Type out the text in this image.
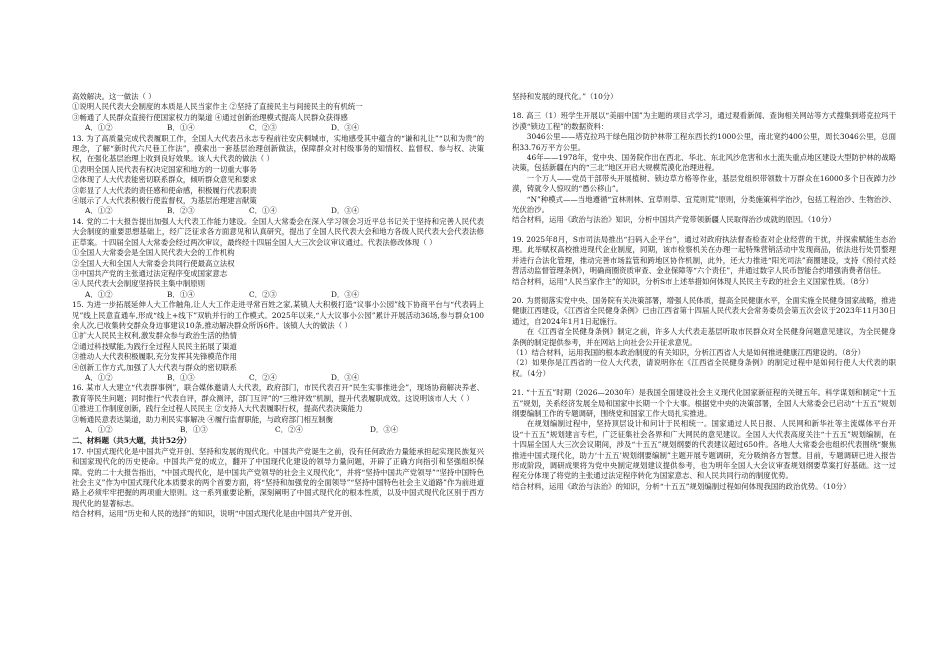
高效解决。这一做法（ ）

①说明人民代表大会制度的本质是人民当家作主 ②坚持了直接民主与间接民主的有机统一

③畅通了人民群众直接行使国家权力的渠道 ④通过创新治理模式提高人民群众获得感

A．①②	B．①④	C．②③	D．③④

13. 为了高质量完成代表履职工作，全国人大代表吕永志专程前往安庆桐城市，实地感受其中蕴含的“谦和礼让”“以和为贵”的理念，了解“新时代六尺巷工作法”，摸索出一套基层治理创新做法，保障群众对村级事务的知情权、监督权、参与权、决策权，在强化基层治理上收到良好效果。该人大代表的做法（ ）

①表明全国人民代表有权决定国家和地方的一切重大事务

②体现了人大代表能密切联系群众，倾听群众意见和要求

③彰显了人大代表的责任感和使命感，积极履行代表职责

④展示了人大代表积极行使监督权，为基层治理建言献策

A．①②	B．②③	C．①④	D．③④

14. 党的二十大报告提出加强人大代表工作能力建设。全国人大常委会在深入学习领会习近平总书记关于坚持和完善人民代表大会制度的重要思想基础上，经广泛征求各方面意见和认真研究，提出了全国人民代表大会和地方各级人民代表大会代表法修正草案。十四届全国人大常委会经过两次审议，最终经十四届全国人大三次会议审议通过。代表法修改体现（ ）

①全国人大常委会是全国人民代表大会的工作机构

②全国人大和全国人大常委会共同行使最高立法权

③中国共产党的主张通过法定程序变成国家意志

④人民代表大会制度坚持民主集中制原则

A．①②	B．①④	C．②③	D．③④

15. 为进一步拓展延伸人大工作触角,让人大工作走进寻常百姓之家,某镇人大积极打造“议事小公园”线下协商平台与“代表码上见”线上民意直通车,形成“线上+线下”双轨并行的工作模式。2025年以来,“人大议事小公园”累计开展活动36场,参与群众100余人次,已收集转交群众身边事建议10条,推动解决群众所诉6件。该镇人大的做法（ ）

①扩大人民民主权利,激发群众参与政治生活的热情

②通过科技赋能,为践行全过程人民民主拓展了渠道

③推动人大代表积极履职,充分发挥其先锋模范作用

④创新工作方式,加强了人大代表与群众的密切联系

A．①②	B．①③	C．②④	D．③④

16. 某市人大建立“代表群事例”，联合媒体邀请人大代表，政府部门，市民代表召开“民生实事推进会”，现场协商解决养老、教育等民生问题；同时推行“代表自评，群众测评，部门互评”的“三维评效”机制，提升代表履职成效。这说明该市人大（ ）

①推进工作制度创新，践行全过程人民民主 ②支持人大代表履职行权，提高代表决策能力

③畅通民意表达渠道，助力利民实事解决 ④履行监督职能，与政府部门相互制衡

A．①②	B．①③	C．②④	D．③④

二、材料题（共5大题，共计52分）

17. 中国式现代化是中国共产党开创、坚持和发展的现代化。中国共产党诞生之前，没有任何政治力量能承担起实现民族复兴和国家现代化的历史使命。中国共产党的成立，翻开了中国现代化建设的领导力量问题，开辟了正确方向指引和坚强组织保障。党的二十大报告指出，“中国式现代化，是中国共产党领导的社会主义现代化”，并将“坚持中国共产党领导”“坚持中国特色社会主义”作为中国式现代化本质要求的两个首要方面，将“坚持和加强党的全面领导”“坚持中国特色社会主义道路”作为前进道路上必须牢牢把握的两项重大原则。这一系列重要论断，深刻阐明了中国式现代化的根本性质，以及中国式现代化区别于西方现代化的显著标志。

结合材料，运用“历史和人民的选择”的知识，说明“中国式现代化是由中国共产党开创、

坚持和发展的现代化。”（10分）

18. 高三（1）班学生开展以“美丽中国”为主题的项目式学习，通过观看新闻、查询相关网站等方式搜集到塔克拉玛干沙漠“锁边工程”的数据资料：

3046公里——塔克拉玛干绿色阻沙防护林带工程东西长约1000公里，南北宽约400公里，周长3046公里，总面积33.76万平方公里。

46年——1978年，党中央、国务院作出在西北、华北、东北风沙危害和水土流失重点地区建设大型防护林的战略决策，包括新疆在内的“三北”地区开启大规模荒漠化治理进程。

一个万人——党员干部带头开展植树、锁边草方格等作业，基层党组织带领数十万群众在16000多个日夜踔力沙漠，铸就令人惊叹的“愚公移山”。

“N”种模式——当地遵循“宜林则林、宜草则草、宜荒则荒”原则，分类施策科学治沙，包括工程治沙、生物治沙、光伏治沙。

结合材料，运用《政治与法治》知识，分析中国共产党带领新疆人民取得治沙成就的原因。（10分）

19. 2025年8月，S市司法局推出“扫码入企平台”，通过对政府执法督查检查对企业经营的干扰，并探索赋能生态治理。此举赋权高校推进现代企业制度，同期，该市检察机关在办理一起特殊营销活动中发现商品，依法进行处罚整理并进行合法化管理，推动完善市场监管和跨地区协作机制，此外，还大力推进“阳光司法”商圈建设，支持《预付式经营活动监督管理条例》，明确商圈资质审查、金业保障等“六个责任”，并通过数字人民币智能合约增强消费者信任。

结合材料，运用“人民当家作主”的知识，分析S市上述举措如何体现人民民主专政的社会主义国家性质。（8分）

20. 为贯彻落实党中央、国务院有关决策部署，增强人民体质，提高全民健康水平，全面实施全民健身国家战略，推进健康江西建设，《江西省全民健身条例》已由江西省第十四届人民代表大会常务委员会第五次会议于2023年11月30日通过，自2024年1月1日起施行。

在《江西省全民健身条例》制定之前，许多人大代表走基层听取市民群众对全民健身问题意见建议，为全民健身条例的制定提供参考，并在网站上向社会公开征求意见。

（1）结合材料，运用我国的根本政治制度的有关知识，分析江西省人大是如何推进健康江西建设的。（8分）

（2）如果你是江西省的一位人大代表，请说明你在《江西省全民健身条例》的制定过程中是如何行使人大代表的职权。（4分）

21. “十五五”时期（2026—2030年）是我国全面建设社会主义现代化国家新征程的关键五年。科学谋划和制定“十五五”规划，关系经济发展全局和国家中长期一个个大事。根据党中央的决策部署，全国人大常委会已启动“十五五”规划纲要编制工作的专题调研，围绕党和国家工作大局扎实推进。

在规划编制过程中，坚持顶层设计和问计于民相统一。国家通过人民日报、人民网和新华社等主流媒体平台开设“十五五”规划建言专栏，广泛征集社会各界和广大网民的意见建议。全国人大代表高度关注“十五五”规划编制，在十四届全国人大三次会议期间，涉及“十五五”规划纲要的代表建议超过650件。各地人大常委会也组织代表围绕“聚焦推进中国式现代化，助力‘十五五’规划纲要编制”主题开展专题调研，充分吸纳各方智慧。目前，专题调研已进入报告形成阶段，调研成果将为党中央制定规划建议提供参考，也为明年全国人大会议审查规划纲要草案打好基础。这一过程充分体现了将党的主张通过法定程序转化为国家意志、和人民共同行动的制度优势。

结合材料，运用《政治与法治》的知识，分析“十五五”规划编制过程如何体现我国的政治优势。（10分）
